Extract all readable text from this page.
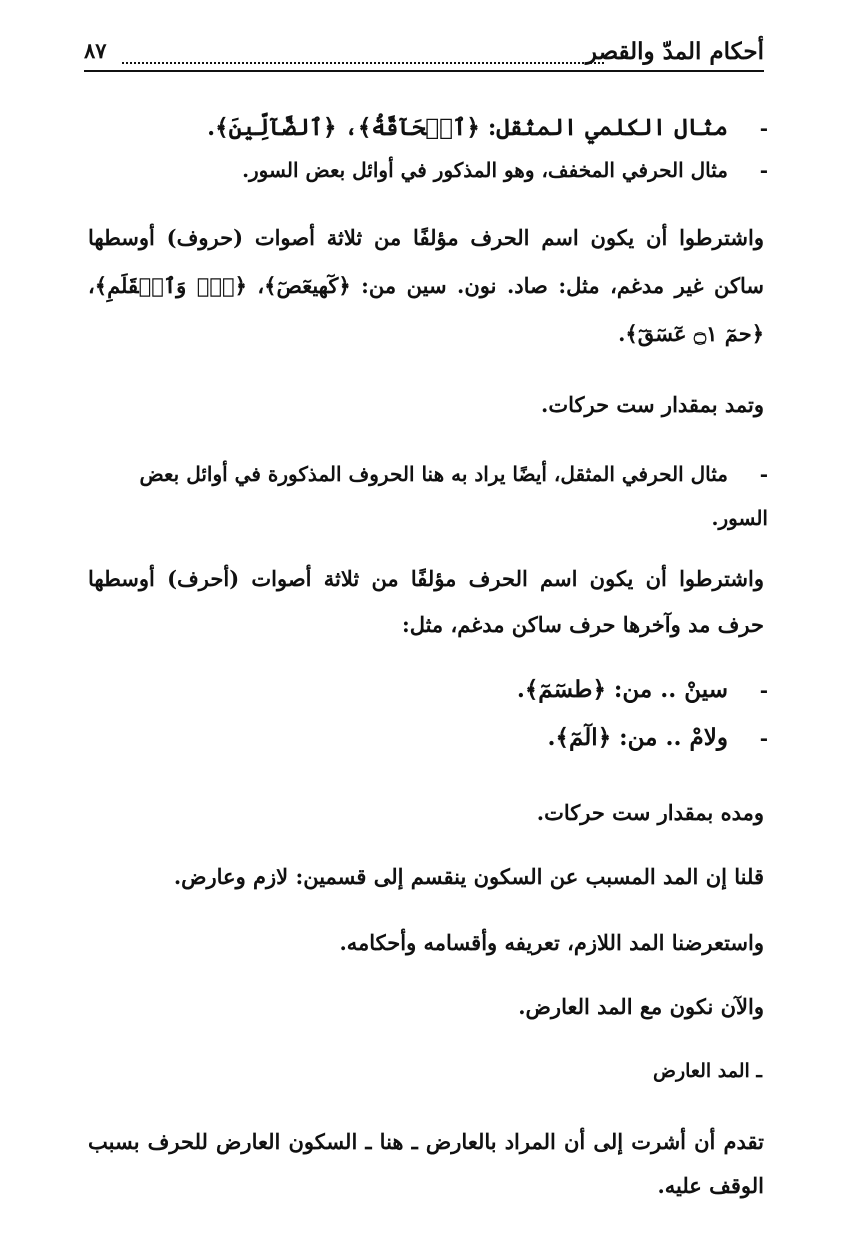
أحكام المدّ والقصر
٨٧
-مثال الكلمي المثقل: ﴿ٱلۡحَآقَّةُ﴾، ﴿ٱلضَّآلِّينَ﴾.
-مثال الحرفي المخفف، وهو المذكور في أوائل بعض السور.
واشترطوا أن يكون اسم الحرف مؤلفًا من ثلاثة أصوات (حروف) أوسطها ساكن غير مدغم، مثل: صاد. نون. سين من: ﴿كٓهيعٓصٓ﴾، ﴿نٓۚ وَٱلۡقَلَمِ﴾، ﴿حمٓ ۝١ عٓسٓقٓ﴾.
وتمد بمقدار ست حركات.
-مثال الحرفي المثقل، أيضًا يراد به هنا الحروف المذكورة في أوائل بعض السور.
واشترطوا أن يكون اسم الحرف مؤلفًا من ثلاثة أصوات (أحرف) أوسطها حرف مد وآخرها حرف ساكن مدغم، مثل:
-سينْ .. من: ﴿طسٓمٓ﴾.
-ولامْ .. من: ﴿الٓمٓ﴾.
ومده بمقدار ست حركات.
قلنا إن المد المسبب عن السكون ينقسم إلى قسمين: لازم وعارض.
واستعرضنا المد اللازم، تعريفه وأقسامه وأحكامه.
والآن نكون مع المد العارض.
ـ المد العارض
تقدم أن أشرت إلى أن المراد بالعارض ـ هنا ـ السكون العارض للحرف بسبب الوقف عليه.
